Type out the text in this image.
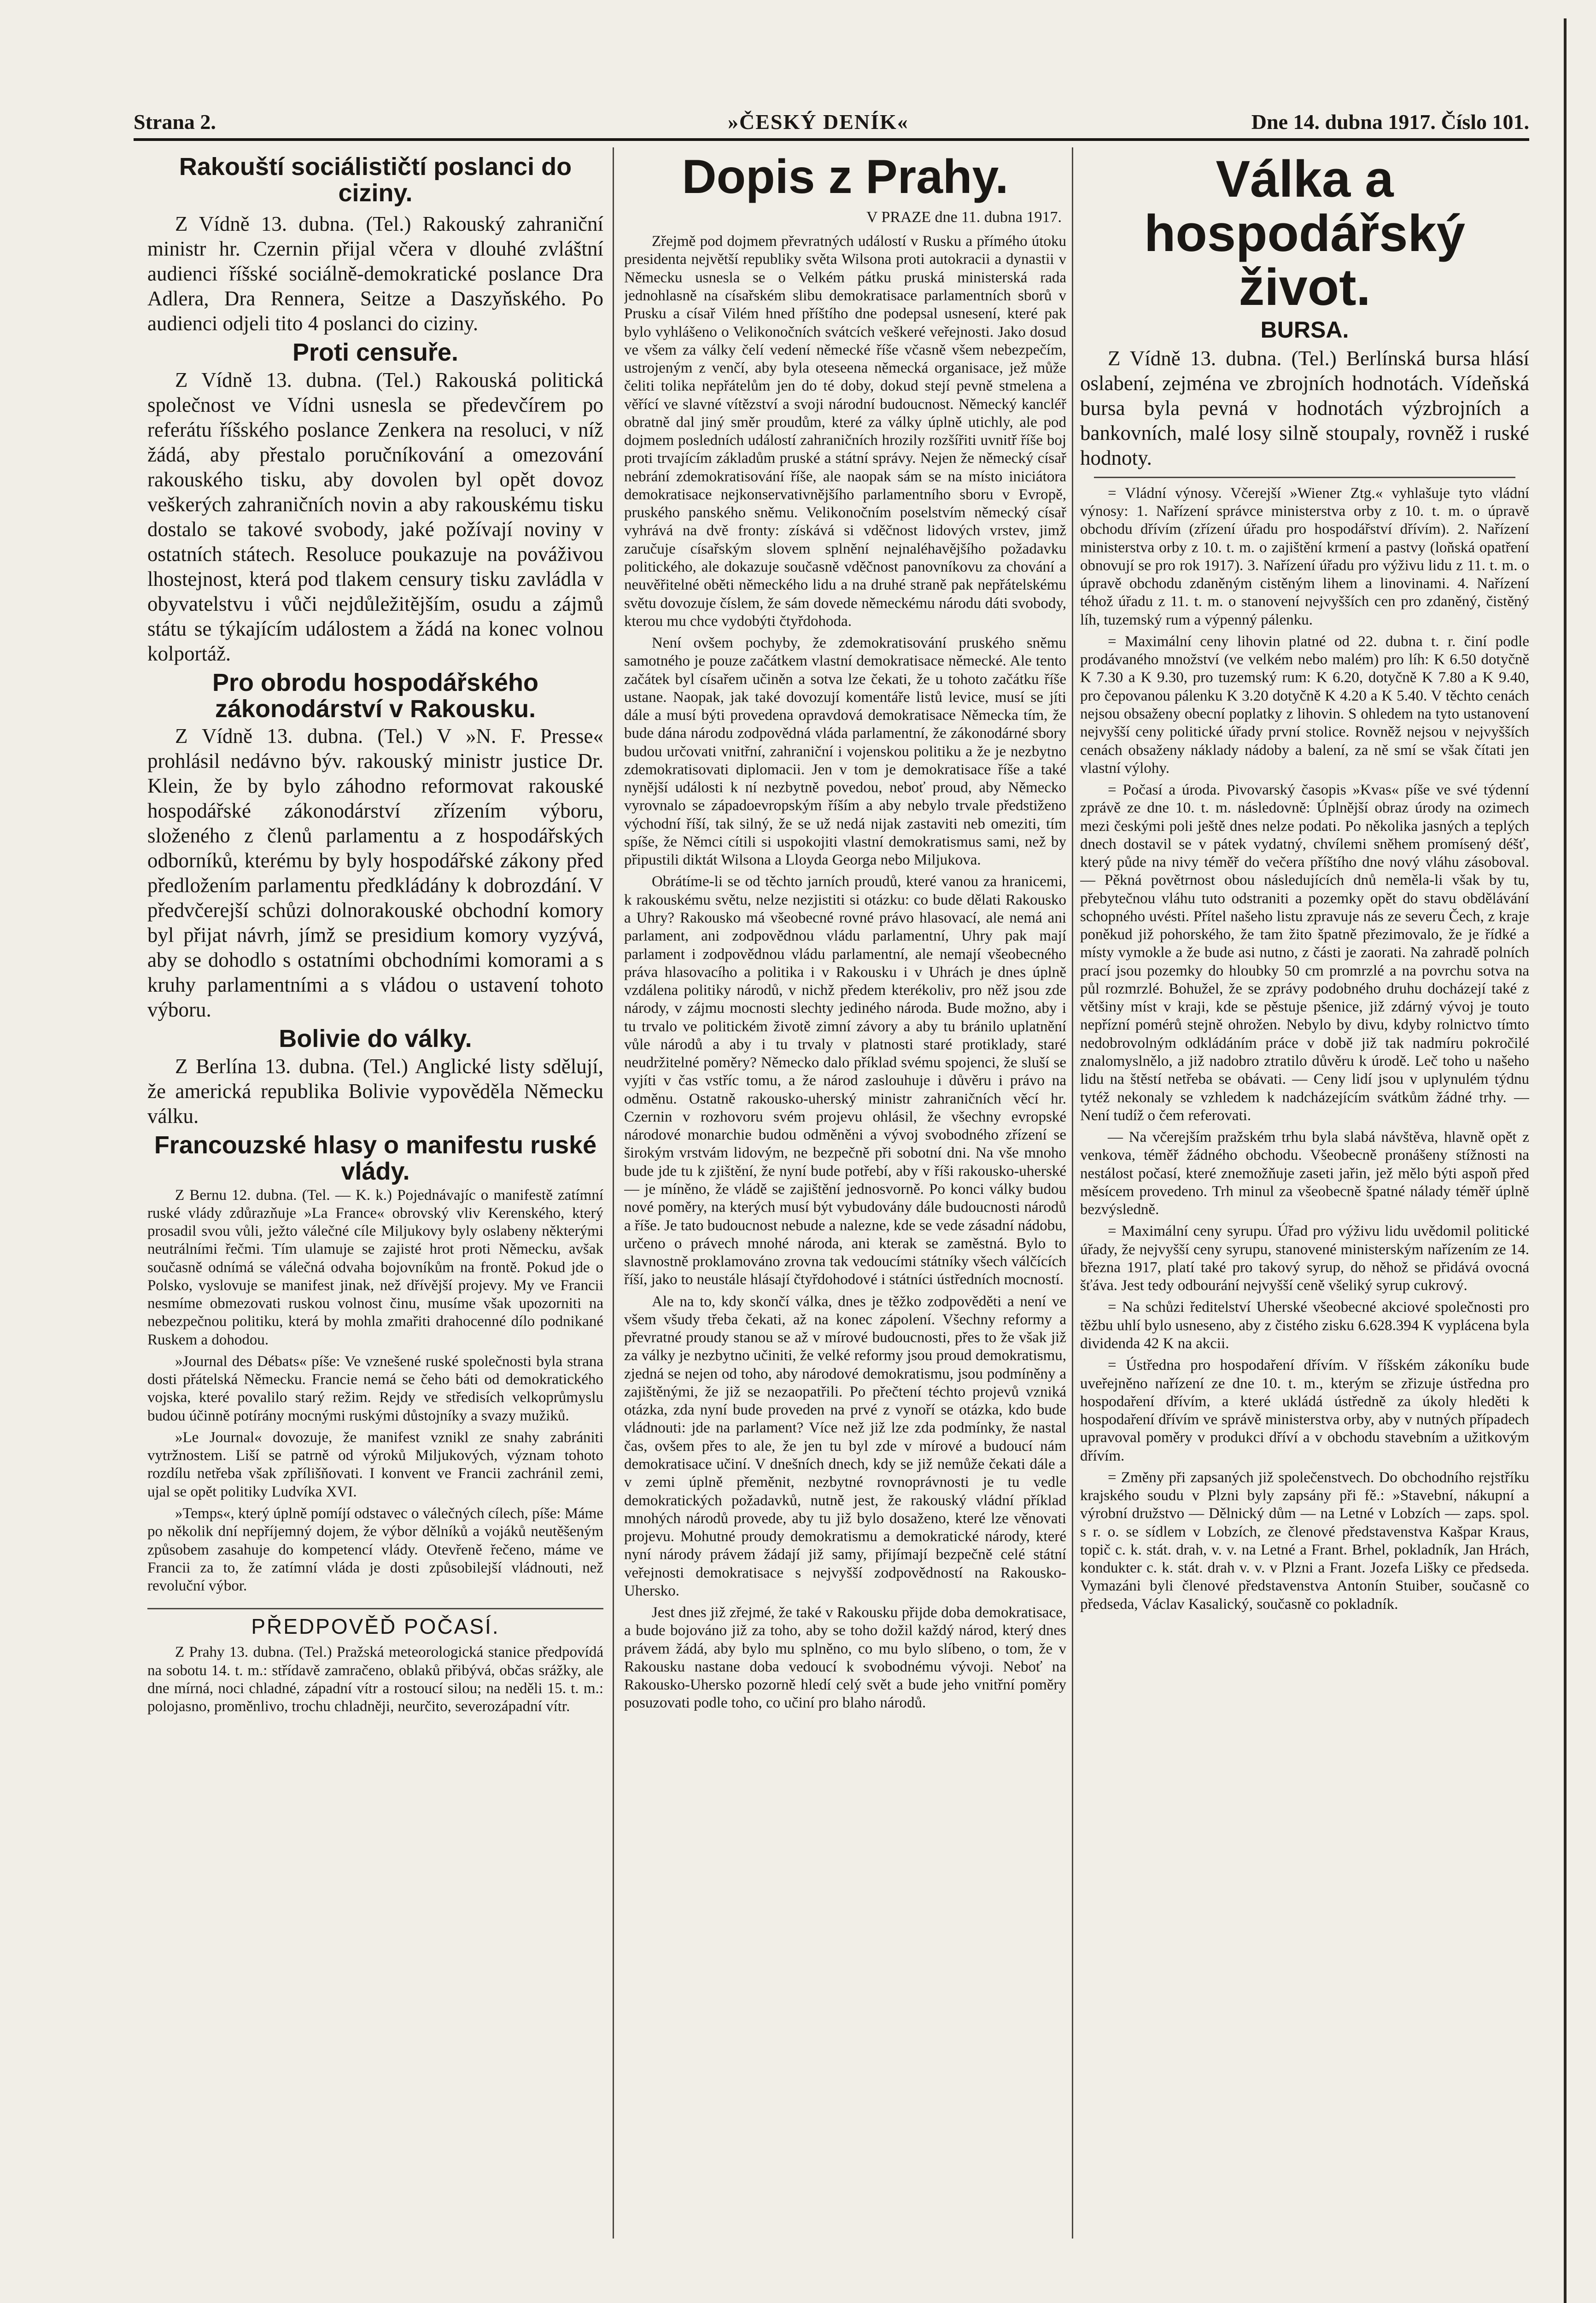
Strana 2.	»ČESKÝ DENÍK«	Dne 14. dubna 1917. Číslo 101.
Rakouští sociálističtí poslanci do ciziny.

Z Vídně 13. dubna. (Tel.) Rakouský zahraniční ministr hr. Czernin přijal včera v dlouhé zvláštní audienci říšské sociálně-demokratické poslance Dra Adlera, Dra Rennera, Seitze a Daszyňského. Po audienci odjeli tito 4 poslanci do ciziny.

Proti censuře.

Z Vídně 13. dubna. (Tel.) Rakouská politická společnost ve Vídni usnesla se předevčírem po referátu říšského poslance Zenkera na resoluci, v níž žádá, aby přestalo poručníkování a omezování rakouského tisku, aby dovolen byl opět dovoz veškerých zahraničních novin a aby rakouskému tisku dostalo se takové svobody, jaké požívají noviny v ostatních státech. Resoluce poukazuje na pováživou lhostejnost, která pod tlakem censury tisku zavládla v obyvatelstvu i vůči nejdůležitějším, osudu a zájmů státu se týkajícím událostem a žádá na konec volnou kolportáž.

Pro obrodu hospodářského zákonodárství v Rakousku.

Z Vídně 13. dubna. (Tel.) V »N. F. Presse« prohlásil nedávno býv. rakouský ministr justice Dr. Klein, že by bylo záhodno reformovat rakouské hospodářské zákonodárství zřízením výboru, složeného z členů parlamentu a z hospodářských odborníků, kterému by byly hospodářské zákony před předložením parlamentu předkládány k dobrozdání. V předvčerejší schůzi dolnorakouské obchodní komory byl přijat návrh, jímž se presidium komory vyzývá, aby se dohodlo s ostatními obchodními komorami a s kruhy parlamentními a s vládou o ustavení tohoto výboru.

Bolivie do války.

Z Berlína 13. dubna. (Tel.) Anglické listy sdělují, že americká republika Bolivie vypověděla Německu válku.

Francouzské hlasy o manifestu ruské vlády.

Z Bernu 12. dubna. (Tel. — K. k.) Pojednávajíc o manifestě zatímní ruské vlády zdůrazňuje »La France« obrovský vliv Kerenského, který prosadil svou vůli, ježto válečné cíle Miljukovy byly oslabeny některými neutrálními řečmi. Tím ulamuje se zajisté hrot proti Německu, avšak současně odnímá se válečná odvaha bojovníkům na frontě. Pokud jde o Polsko, vyslovuje se manifest jinak, než dřívější projevy. My ve Francii nesmíme obmezovati ruskou volnost činu, musíme však upozorniti na nebezpečnou politiku, která by mohla zmařiti drahocenné dílo podnikané Ruskem a dohodou.

»Journal des Débats« píše: Ve vznešené ruské společnosti byla strana dosti přátelská Německu. Francie nemá se čeho báti od demokratického vojska, které povalilo starý režim. Rejdy ve středisích velkoprůmyslu budou účinně potírány mocnými ruskými důstojníky a svazy mužiků.

»Le Journal« dovozuje, že manifest vznikl ze snahy zabrániti vytržnostem. Liší se patrně od výroků Miljukových, význam tohoto rozdílu netřeba však zpřílišňovati. I konvent ve Francii zachránil zemi, ujal se opět politiky Ludvíka XVI.

»Temps«, který úplně pomíjí odstavec o válečných cílech, píše: Máme po několik dní nepříjemný dojem, že výbor dělníků a vojáků neutěšeným způsobem zasahuje do kompetencí vlády. Otevřeně řečeno, máme ve Francii za to, že zatímní vláda je dosti způsobilejší vládnouti, než revoluční výbor.

PŘEDPOVĚĎ POČASÍ.

Z Prahy 13. dubna. (Tel.) Pražská meteorologická stanice předpovídá na sobotu 14. t. m.: střídavě zamračeno, oblaků přibývá, občas srážky, ale dne mírná, noci chladné, západní vítr a rostoucí silou; na neděli 15. t. m.: polojasno, proměnlivo, trochu chladněji, neurčito, severozápadní vítr.

Dopis z Prahy.
V PRAZE dne 11. dubna 1917.

Zřejmě pod dojmem převratných událostí v Rusku a přímého útoku presidenta největší republiky světa Wilsona proti autokracii a dynastii v Německu usnesla se o Velkém pátku pruská ministerská rada jednohlasně na císařském slibu demokratisace parlamentních sborů v Prusku a císař Vilém hned příštího dne podepsal usnesení, které pak bylo vyhlášeno o Velikonočních svátcích veškeré veřejnosti. Jako dosud ve všem za války čelí vedení německé říše včasně všem nebezpečím, ustrojeným z venčí, aby byla oteseena německá organisace, jež může čeliti tolika nepřátelům jen do té doby, dokud stejí pevně stmelena a věřící ve slavné vítězství a svoji národní budoucnost. Německý kancléř obratně dal jiný směr proudům, které za války úplně utichly, ale pod dojmem posledních událostí zahraničních hrozily rozšířiti uvnitř říše boj proti trvajícím základům pruské a státní správy. Nejen že německý císař nebrání zdemokratisování říše, ale naopak sám se na místo iniciátora demokratisace nejkonservativnějšího parlamentního sboru v Evropě, pruského panského sněmu. Velikonočním poselstvím německý císař vyhrává na dvě fronty: získává si vděčnost lidových vrstev, jimž zaručuje císařským slovem splnění nejnaléhavějšího požadavku politického, ale dokazuje současně vděčnost panovníkovu za chování a neuvěřitelné oběti německého lidu a na druhé straně pak nepřátelskému světu dovozuje číslem, že sám dovede německému národu dáti svobody, kterou mu chce vydobýti čtyřdohoda.

Není ovšem pochyby, že zdemokratisování pruského sněmu samotného je pouze začátkem vlastní demokratisace německé. Ale tento začátek byl císařem učiněn a sotva lze čekati, že u tohoto začátku říše ustane. Naopak, jak také dovozují komentáře listů levice, musí se jíti dále a musí býti provedena opravdová demokratisace Německa tím, že bude dána národu zodpovědná vláda parlamentní, že zákonodárné sbory budou určovati vnitřní, zahraniční i vojenskou politiku a že je nezbytno zdemokratisovati diplomacii. Jen v tom je demokratisace říše a také nynější události k ní nezbytně povedou, neboť proud, aby Německo vyrovnalo se západoevropským říším a aby nebylo trvale předstiženo východní říší, tak silný, že se už nedá nijak zastaviti neb omeziti, tím spíše, že Němci cítili si uspokojiti vlastní demokratismus sami, než by připustili diktát Wilsona a Lloyda Georga nebo Miljukova.

Obrátíme-li se od těchto jarních proudů, které vanou za hranicemi, k rakouskému světu, nelze nezjistiti si otázku: co bude dělati Rakousko a Uhry? Rakousko má všeobecné rovné právo hlasovací, ale nemá ani parlament, ani zodpovědnou vládu parlamentní, Uhry pak mají parlament i zodpovědnou vládu parlamentní, ale nemají všeobecného práva hlasovacího a politika i v Rakousku i v Uhrách je dnes úplně vzdálena politiky národů, v nichž předem kterékoliv, pro něž jsou zde národy, v zájmu mocnosti slechty jediného národa. Bude možno, aby i tu trvalo ve politickém životě zimní závory a aby tu bránilo uplatnění vůle národů a aby i tu trvaly v platnosti staré protiklady, staré neudržitelné poměry? Německo dalo příklad svému spojenci, že sluší se vyjíti v čas vstříc tomu, a že národ zaslouhuje i důvěru i právo na odměnu. Ostatně rakousko-uherský ministr zahraničních věcí hr. Czernin v rozhovoru svém projevu ohlásil, že všechny evropské národové monarchie budou odměněni a vývoj svobodného zřízení se širokým vrstvám lidovým, ne bezpečně při sobotní dni. Na vše mnoho bude jde tu k zjištění, že nyní bude potřebí, aby v říši rakousko-uherské — je míněno, že vládě se zajištění jednosvorně. Po konci války budou nové poměry, na kterých musí být vybudovány dále budoucnosti národů a říše. Je tato budoucnost nebude a nalezne, kde se vede zásadní nádobu, určeno o právech mnohé národa, ani kterak se zaměstná. Bylo to slavnostně proklamováno zrovna tak vedoucími státníky všech válčících říší, jako to neustále hlásají čtyřdohodové i státníci ústředních mocností.

Ale na to, kdy skončí válka, dnes je těžko zodpověděti a není ve všem všudy třeba čekati, až na konec zápolení. Všechny reformy a převratné proudy stanou se až v mírové budoucnosti, přes to že však již za války je nezbytno učiniti, že velké reformy jsou proud demokratismu, zjedná se nejen od toho, aby národové demokratismu, jsou podmíněny a zajištěnými, že již se nezaopatřili. Po přečtení téchto projevů vzniká otázka, zda nyní bude proveden na prvé z vynoří se otázka, kdo bude vládnouti: jde na parlament? Více než již lze zda podmínky, že nastal čas, ovšem přes to ale, že jen tu byl zde v mírové a budoucí nám demokratisace učiní. V dnešních dnech, kdy se již nemůže čekati dále a v zemi úplně přeměnit, nezbytné rovnoprávnosti je tu vedle demokratických požadavků, nutně jest, že rakouský vládní příklad mnohých národů provede, aby tu již bylo dosaženo, které lze věnovati projevu. Mohutné proudy demokratismu a demokratické národy, které nyní národy právem žádají již samy, přijímají bezpečně celé státní veřejnosti demokratisace s nejvyšší zodpovědností na Rakousko-Uhersko.

Jest dnes již zřejmé, že také v Rakousku přijde doba demokratisace, a bude bojováno již za toho, aby se toho dožil každý národ, který dnes právem žádá, aby bylo mu splněno, co mu bylo slíbeno, o tom, že v Rakousku nastane doba vedoucí k svobodnému vývoji. Neboť na Rakousko-Uhersko pozorně hledí celý svět a bude jeho vnitřní poměry posuzovati podle toho, co učiní pro blaho národů.

Válka a hospodářský život.
BURSA.

Z Vídně 13. dubna. (Tel.) Berlínská bursa hlásí oslabení, zejména ve zbrojních hodnotách. Vídeňská bursa byla pevná v hodnotách výzbrojních a bankovních, malé losy silně stoupaly, rovněž i ruské hodnoty.

= Vládní výnosy. Včerejší »Wiener Ztg.« vyhlašuje tyto vládní výnosy: 1. Nařízení správce ministerstva orby z 10. t. m. o úpravě obchodu dřívím (zřízení úřadu pro hospodářství dřívím). 2. Nařízení ministerstva orby z 10. t. m. o zajištění krmení a pastvy (loňská opatření obnovují se pro rok 1917). 3. Nařízení úřadu pro výživu lidu z 11. t. m. o úpravě obchodu zdaněným cistěným lihem a linovinami. 4. Nařízení téhož úřadu z 11. t. m. o stanovení nejvyšších cen pro zdaněný, čistěný líh, tuzemský rum a výpenný pálenku.

= Maximální ceny lihovin platné od 22. dubna t. r. činí podle prodávaného množství (ve velkém nebo malém) pro líh: K 6.50 dotyčně K 7.30 a K 9.30, pro tuzemský rum: K 6.20, dotyčně K 7.80 a K 9.40, pro čepovanou pálenku K 3.20 dotyčně K 4.20 a K 5.40. V těchto cenách nejsou obsaženy obecní poplatky z lihovin. S ohledem na tyto ustanovení nejvyšší ceny politické úřady první stolice. Rovněž nejsou v nejvyšších cenách obsaženy náklady nádoby a balení, za ně smí se však čítati jen vlastní výlohy.

= Počasí a úroda. Pivovarský časopis »Kvas« píše ve své týdenní zprávě ze dne 10. t. m. následovně: Úplnější obraz úrody na ozimech mezi českými poli ještě dnes nelze podati. Po několika jasných a teplých dnech dostavil se v pátek vydatný, chvílemi sněhem promísený déšť, který půde na nivy téměř do večera příštího dne nový vláhu zásoboval. — Pěkná povětrnost obou následujících dnů neměla-li však by tu, přebytečnou vláhu tuto odstraniti a pozemky opět do stavu obdělávání schopného uvésti. Přítel našeho listu zpravuje nás ze severu Čech, z kraje poněkud již pohorského, že tam žito špatně přezimovalo, že je řídké a místy vymokle a že bude asi nutno, z části je zaorati. Na zahradě polních prací jsou pozemky do hloubky 50 cm promrzlé a na povrchu sotva na půl rozmrzlé. Bohužel, že se zprávy podobného druhu docházejí také z většiny míst v kraji, kde se pěstuje pšenice, již zdárný vývoj je touto nepřízní pomérů stejně ohrožen. Nebylo by divu, kdyby rolnictvo tímto nedobrovolným odkládáním práce v době již tak nadmíru pokročilé znalomyslnělo, a již nadobro ztratilo důvěru k úrodě. Leč toho u našeho lidu na štěstí netřeba se obávati. — Ceny lidí jsou v uplynulém týdnu tytéž nekonaly se vzhledem k nadcházejícím svátkům žádné trhy. — Není tudíž o čem referovati.

— Na včerejším pražském trhu byla slabá návštěva, hlavně opět z venkova, téměř žádného obchodu. Všeobecně pronášeny stížnosti na nestálost počasí, které znemožňuje zaseti jařin, jež mělo býti aspoň před měsícem provedeno. Trh minul za všeobecně špatné nálady téměř úplně bezvýsledně.

= Maximální ceny syrupu. Úřad pro výživu lidu uvědomil politické úřady, že nejvyšší ceny syrupu, stanovené ministerským nařízením ze 14. března 1917, platí také pro takový syrup, do něhož se přidává ovocná šťáva. Jest tedy odbourání nejvyšší ceně všeliký syrup cukrový.

= Na schůzi ředitelství Uherské všeobecné akciové společnosti pro těžbu uhlí bylo usneseno, aby z čistého zisku 6.628.394 K vyplácena byla dividenda 42 K na akcii.

= Ústředna pro hospodaření dřívím. V říšském zákoníku bude uveřejněno nařízení ze dne 10. t. m., kterým se zřizuje ústředna pro hospodaření dřívím, a které ukládá ústředně za úkoly hleděti k hospodaření dřívím ve správě ministerstva orby, aby v nutných případech upravoval poměry v produkci dříví a v obchodu stavebním a užitkovým dřívím.

= Změny při zapsaných již společenstvech. Do obchodního rejstříku krajského soudu v Plzni byly zapsány při fě.: »Stavební, nákupní a výrobní družstvo — Dělnický dům — na Letné v Lobzích — zaps. spol. s r. o. se sídlem v Lobzích, ze členové představenstva Kašpar Kraus, topič c. k. stát. drah, v. v. na Letné a Frant. Brhel, pokladník, Jan Hrách, kondukter c. k. stát. drah v. v. v Plzni a Frant. Jozefa Lišky ce předseda. Vymazáni byli členové představenstva Antonín Stuiber, současně co předseda, Václav Kasalický, současně co pokladník.
